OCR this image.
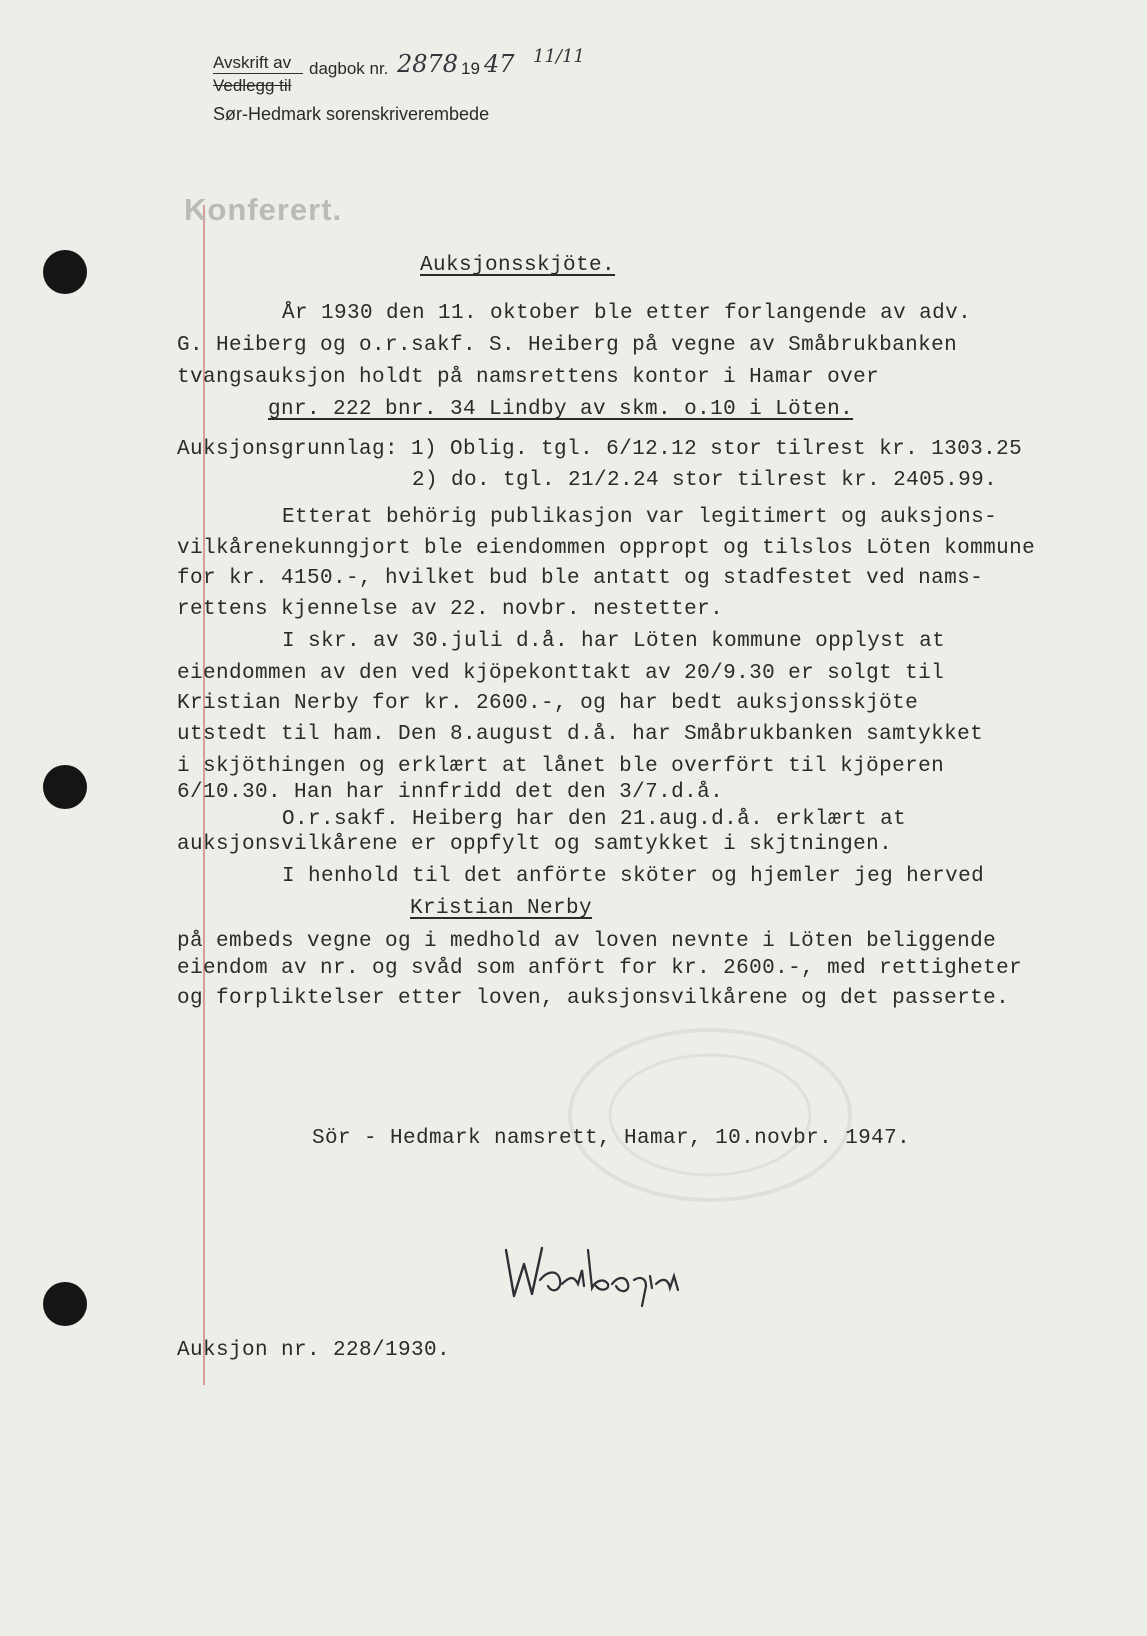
Avskrift av
Vedlegg til
dagbok nr. 2878 19 47 11/11
Sør-Hedmark sorenskriverembede
Konferert.
Auksjonsskjöte.
År 1930 den 11. oktober ble etter forlangende av adv.
G. Heiberg og o.r.sakf. S. Heiberg på vegne av Småbrukbanken
tvangsauksjon holdt på namsrettens kontor i Hamar over
gnr. 222 bnr. 34 Lindby av skm. o.10 i Löten.
Auksjonsgrunnlag: 1) Oblig. tgl. 6/12.12 stor tilrest kr. 1303.25
2) do. tgl. 21/2.24 stor tilrest kr. 2405.99.
Etterat behörig publikasjon var legitimert og auksjons-
vilkårenekunngjort ble eiendommen oppropt og tilslos Löten kommune
for kr. 4150.-, hvilket bud ble antatt og stadfestet ved nams-
rettens kjennelse av 22. novbr. nestetter.
I skr. av 30.juli d.å. har Löten kommune opplyst at
eiendommen av den ved kjöpekonttakt av 20/9.30 er solgt til
Kristian Nerby for kr. 2600.-, og har bedt auksjonsskjöte
utstedt til ham. Den 8.august d.å. har Småbrukbanken samtykket
i skjöthingen og erklært at lånet ble overfört til kjöperen
6/10.30. Han har innfridd det den 3/7.d.å.
O.r.sakf. Heiberg har den 21.aug.d.å. erklært at
auksjonsvilkårene er oppfylt og samtykket i skjtningen.
I henhold til det anförte sköter og hjemler jeg herved
Kristian Nerby
på embeds vegne og i medhold av loven nevnte i Löten beliggende
eiendom av nr. og svåd som anfört for kr. 2600.-, med rettigheter
og forpliktelser etter loven, auksjonsvilkårene og det passerte.
Sör - Hedmark namsrett, Hamar, 10.novbr. 1947.
Auksjon nr. 228/1930.
